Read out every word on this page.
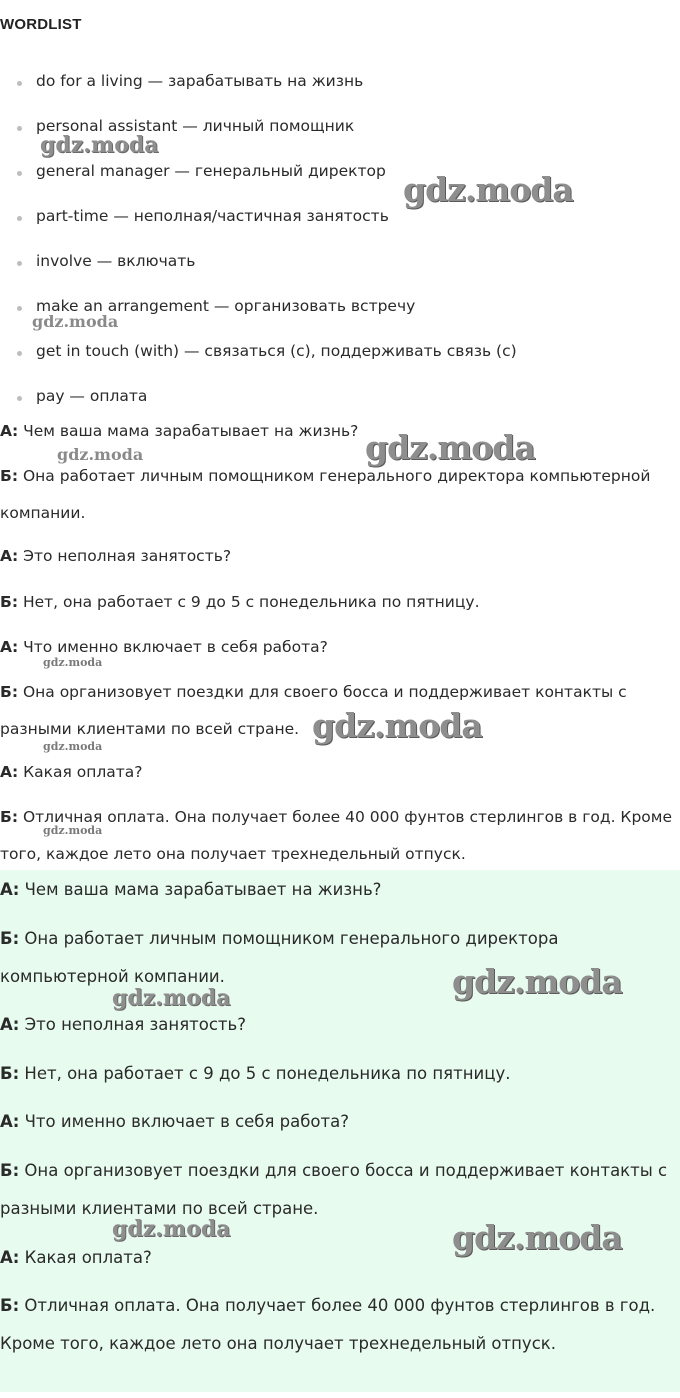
WORDLIST
do for a living — зарабатывать на жизнь
personal assistant — личный помощник
general manager — генеральный директор
part-time — неполная/частичная занятость
involve — включать
make an arrangement — организовать встречу
get in touch (with) — связаться (с), поддерживать связь (с)
pay — оплата
А: Чем ваша мама зарабатывает на жизнь?
Б: Она работает личным помощником генерального директора компьютерной компании.
А: Это неполная занятость?
Б: Нет, она работает с 9 до 5 с понедельника по пятницу.
А: Что именно включает в себя работа?
Б: Она организовует поездки для своего босса и поддерживает контакты с разными клиентами по всей стране.
А: Какая оплата?
Б: Отличная оплата. Она получает более 40 000 фунтов стерлингов в год. Кроме того, каждое лето она получает трехнедельный отпуск.
А: Чем ваша мама зарабатывает на жизнь?
Б: Она работает личным помощником генерального директора компьютерной компании.
А: Это неполная занятость?
Б: Нет, она работает с 9 до 5 с понедельника по пятницу.
А: Что именно включает в себя работа?
Б: Она организовует поездки для своего босса и поддерживает контакты с разными клиентами по всей стране.
А: Какая оплата?
Б: Отличная оплата. Она получает более 40 000 фунтов стерлингов в год. Кроме того, каждое лето она получает трехнедельный отпуск.
gdz.moda
gdz.moda
gdz.moda
gdz.moda
gdz.moda
gdz.moda
gdz.moda
gdz.moda
gdz.moda
gdz.moda
gdz.moda
gdz.moda	gdz.moda
